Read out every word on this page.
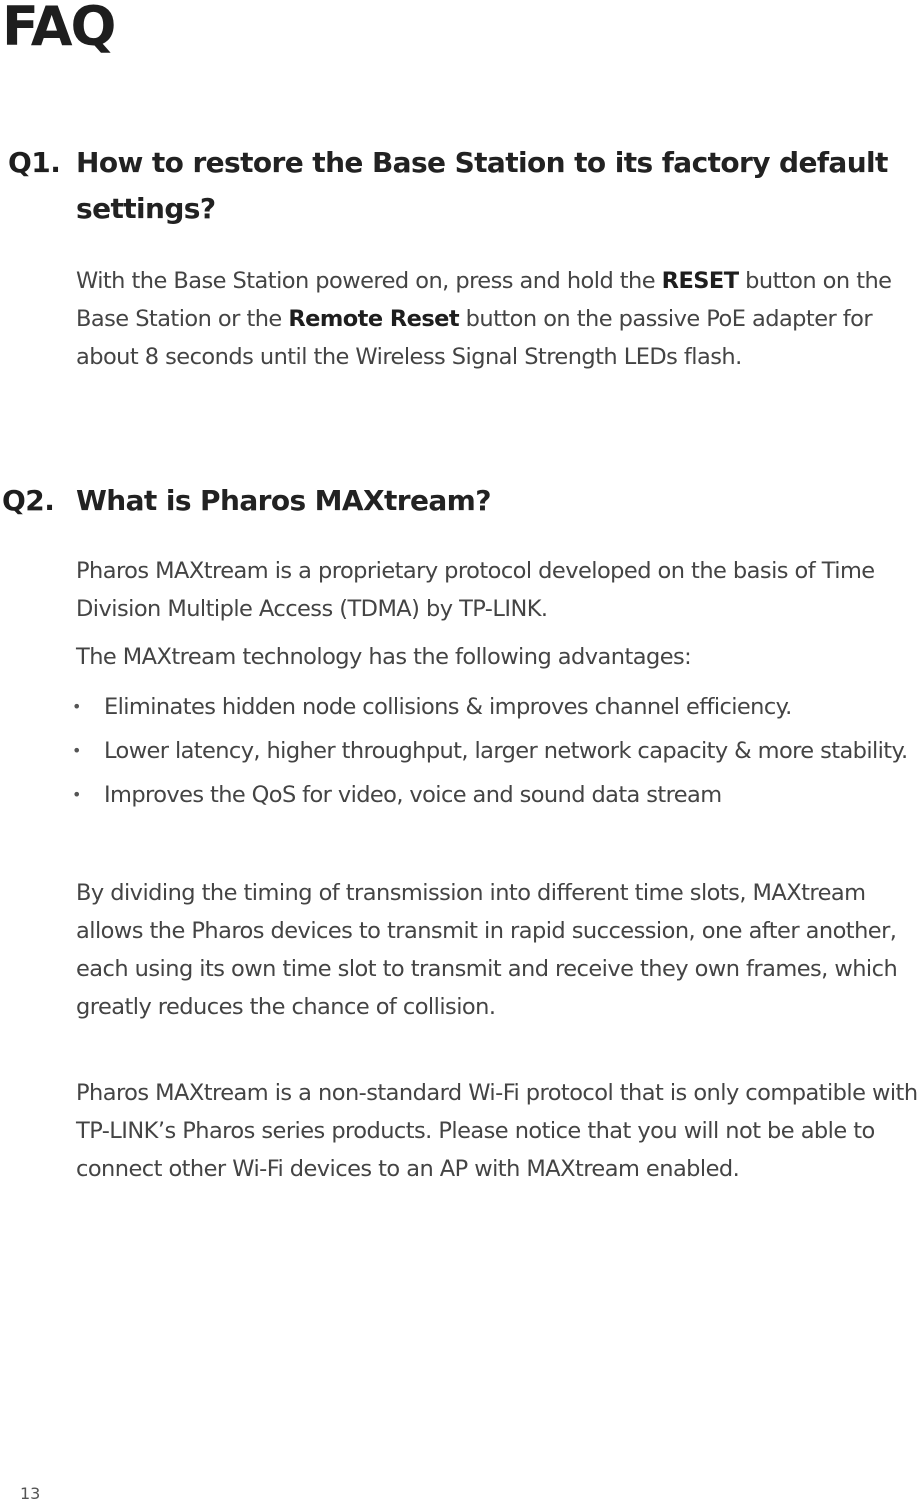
FAQ
Q1. How to restore the Base Station to its factory default settings?

With the Base Station powered on, press and hold the RESET button on the Base Station or the Remote Reset button on the passive PoE adapter for about 8 seconds until the Wireless Signal Strength LEDs flash.

Q2. What is Pharos MAXtream?

Pharos MAXtream is a proprietary protocol developed on the basis of Time Division Multiple Access (TDMA) by TP-LINK.

The MAXtream technology has the following advantages:

• Eliminates hidden node collisions & improves channel efficiency.
• Lower latency, higher throughput, larger network capacity & more stability.
• Improves the QoS for video, voice and sound data stream

By dividing the timing of transmission into different time slots, MAXtream allows the Pharos devices to transmit in rapid succession, one after another, each using its own time slot to transmit and receive they own frames, which greatly reduces the chance of collision.

Pharos MAXtream is a non-standard Wi-Fi protocol that is only compatible with TP-LINK’s Pharos series products. Please notice that you will not be able to connect other Wi-Fi devices to an AP with MAXtream enabled.

13
